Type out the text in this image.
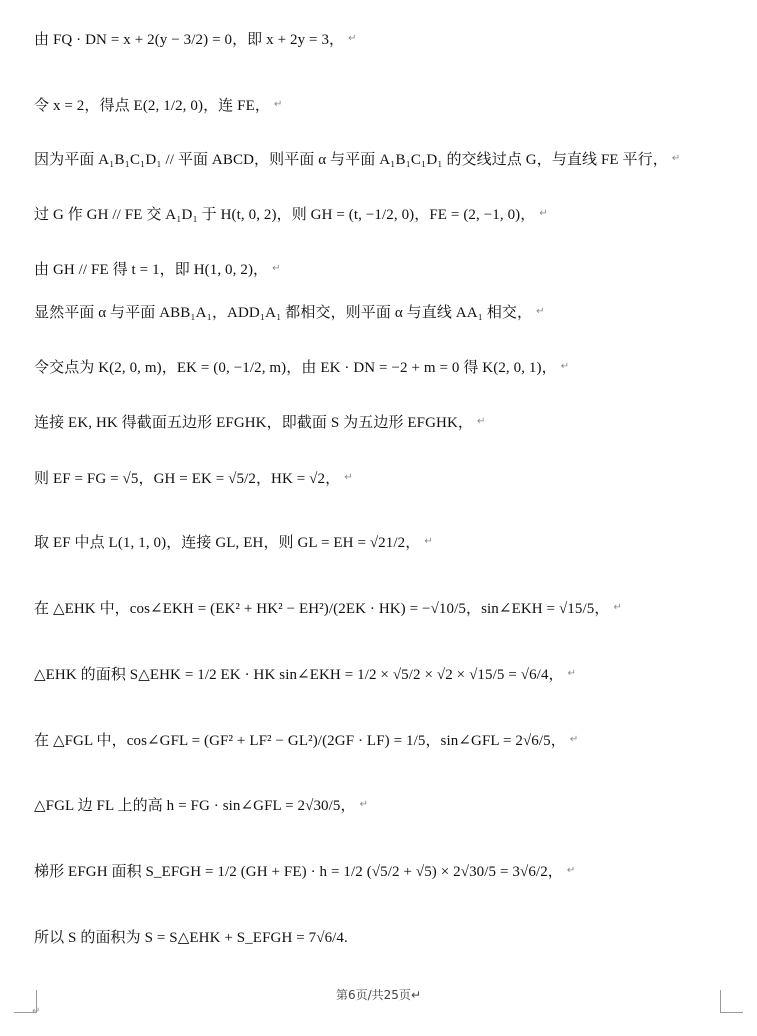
由 FQ · DN = x + 2(y − 3/2) = 0，即 x + 2y = 3， ↵
令 x = 2，得点 E(2, 1/2, 0)，连 FE， ↵
因为平面 A₁B₁C₁D₁ // 平面 ABCD，则平面 α 与平面 A₁B₁C₁D₁ 的交线过点 G，与直线 FE 平行， ↵
过 G 作 GH // FE 交 A₁D₁ 于 H(t, 0, 2)，则 GH = (t, −1/2, 0)，FE = (2, −1, 0)， ↵
由 GH // FE 得 t = 1，即 H(1, 0, 2)， ↵
显然平面 α 与平面 ABB₁A₁，ADD₁A₁ 都相交，则平面 α 与直线 AA₁ 相交， ↵
令交点为 K(2, 0, m)，EK = (0, −1/2, m)，由 EK · DN = −2 + m = 0 得 K(2, 0, 1)， ↵
连接 EK, HK 得截面五边形 EFGHK，即截面 S 为五边形 EFGHK， ↵
则 EF = FG = √5，GH = EK = √5/2，HK = √2， ↵
取 EF 中点 L(1, 1, 0)，连接 GL, EH，则 GL = EH = √21/2， ↵
在 △EHK 中，cos∠EKH = (EK² + HK² − EH²)/(2EK · HK) = −√10/5，sin∠EKH = √15/5， ↵
△EHK 的面积 S△EHK = 1/2 EK · HK sin∠EKH = 1/2 × √5/2 × √2 × √15/5 = √6/4， ↵
在 △FGL 中，cos∠GFL = (GF² + LF² − GL²)/(2GF · LF) = 1/5，sin∠GFL = 2√6/5， ↵
△FGL 边 FL 上的高 h = FG · sin∠GFL = 2√30/5， ↵
梯形 EFGH 面积 S_EFGH = 1/2 (GH + FE) · h = 1/2 (√5/2 + √5) × 2√30/5 = 3√6/2， ↵
所以 S 的面积为 S = S△EHK + S_EFGH = 7√6/4.
第6页/共25页↵
↵
